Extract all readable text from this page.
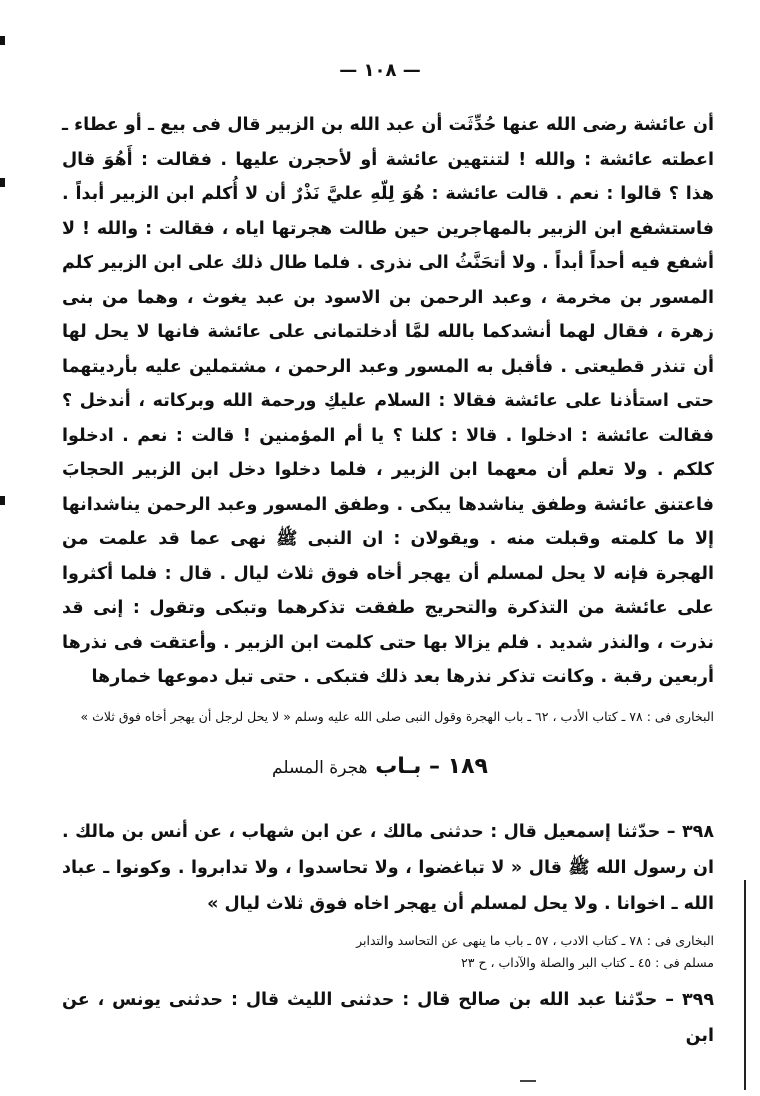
— ١٠٨ —

أن عائشة رضى الله عنها حُدِّثَت أن عبد الله بن الزبير قال فى بيع ـ أو عطاء ـ اعطته عائشة : والله ! لتنتهين عائشة أو لأحجرن عليها . فقالت : أَهُوَ قال هذا ؟ قالوا : نعم . قالت عائشة : هُوَ لِلّهِ عليَّ نَذْرٌ أن لا أُكلم ابن الزبير أبداً . فاستشفع ابن الزبير بالمهاجرين حين طالت هجرتها اياه ، فقالت : والله ! لا أشفع فيه أحداً أبداً . ولا أتحَنَّثُ الى نذرى . فلما طال ذلك على ابن الزبير كلم المسور بن مخرمة ، وعبد الرحمن بن الاسود بن عبد يغوث ، وهما من بنى زهرة ، فقال لهما أنشدكما بالله لمَّا أدخلتمانى على عائشة فانها لا يحل لها أن تنذر قطيعتى . فأقبل به المسور وعبد الرحمن ، مشتملين عليه بأرديتهما حتى استأذنا على عائشة فقالا : السلام عليكِ ورحمة الله وبركاته ، أندخل ؟ فقالت عائشة : ادخلوا . قالا : كلنا ؟ يا أم المؤمنين ! قالت : نعم . ادخلوا كلكم . ولا تعلم أن معهما ابن الزبير ، فلما دخلوا دخل ابن الزبير الحجابَ فاعتنق عائشة وطفق يناشدها يبكى . وطفق المسور وعبد الرحمن يناشدانها إلا ما كلمته وقبلت منه . ويقولان : ان النبى ﷺ نهى عما قد علمت من الهجرة فإنه لا يحل لمسلم أن يهجر أخاه فوق ثلاث ليال . قال : فلما أكثروا على عائشة من التذكرة والتحريج طفقت تذكرهما وتبكى وتقول : إنى قد نذرت ، والنذر شديد . فلم يزالا بها حتى كلمت ابن الزبير . وأعتقت فى نذرها أربعين رقبة . وكانت تذكر نذرها بعد ذلك فتبكى . حتى تبل دموعها خمارها

البخارى فى : ٧٨ ـ كتاب الأدب ، ٦٢ ـ باب الهجرة وقول النبى صلى الله عليه وسلم « لا يحل لرجل أن يهجر أخاه فوق ثلاث »

١٨٩ – بـاب هجرة المسلم

٣٩٨ – حدّثنا إسمعيل قال : حدثنى مالك ، عن ابن شهاب ، عن أنس بن مالك . ان رسول الله ﷺ قال « لا تباغضوا ، ولا تحاسدوا ، ولا تدابروا . وكونوا ـ عباد الله ـ اخوانا . ولا يحل لمسلم أن يهجر اخاه فوق ثلاث ليال »

البخارى فى : ٧٨ ـ كتاب الادب ، ٥٧ ـ باب ما ينهى عن التحاسد والتدابر
مسلم فى : ٤٥ ـ كتاب البر والصلة والآداب ، ح ٢٣

٣٩٩ – حدّثنا عبد الله بن صالح قال : حدثنى الليث قال : حدثنى يونس ، عن ابن
